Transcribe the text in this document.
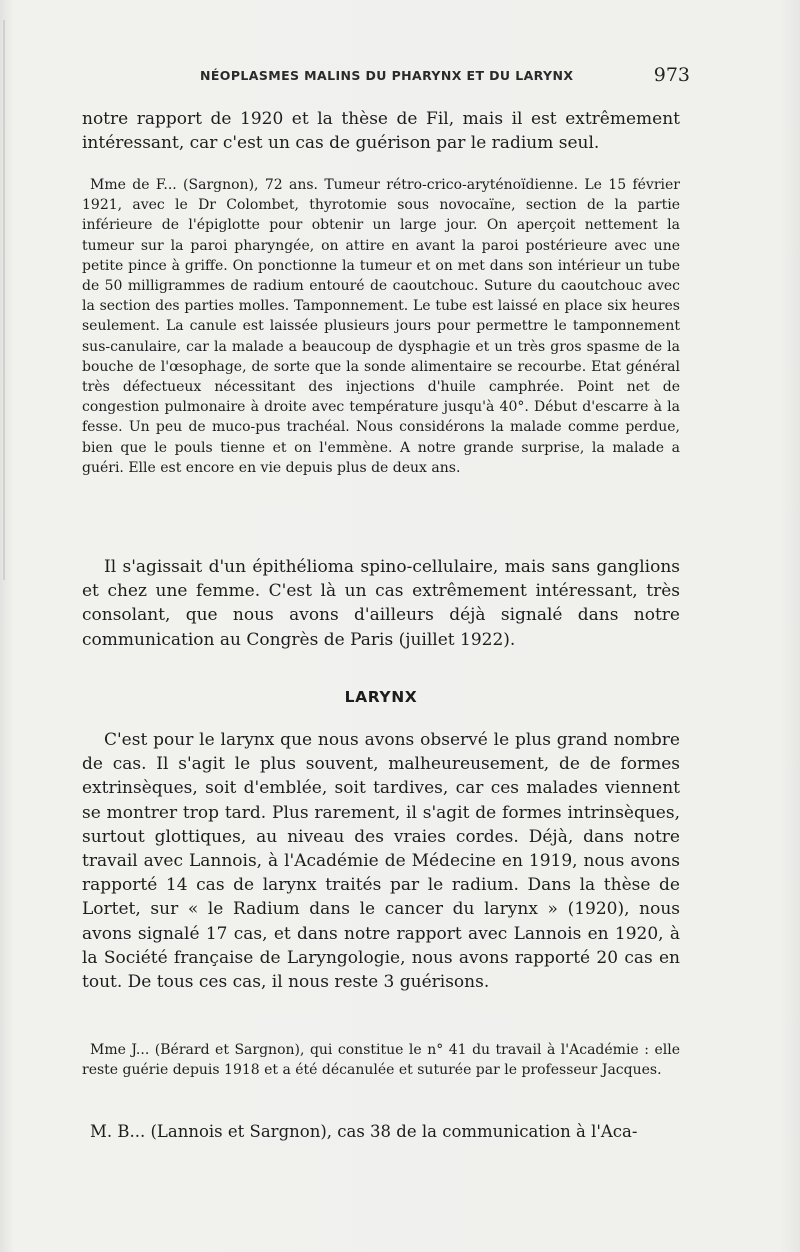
NÉOPLASMES MALINS DU PHARYNX ET DU LARYNX	973

notre rapport de 1920 et la thèse de Fil, mais il est extrêmement intéressant, car c'est un cas de guérison par le radium seul.

Mme de F... (Sargnon), 72 ans. Tumeur rétro-crico-aryténoïdienne. Le 15 février 1921, avec le Dr Colombet, thyrotomie sous novocaïne, section de la partie inférieure de l'épiglotte pour obtenir un large jour. On aperçoit nettement la tumeur sur la paroi pharyngée, on attire en avant la paroi postérieure avec une petite pince à griffe. On ponctionne la tumeur et on met dans son intérieur un tube de 50 milligrammes de radium entouré de caoutchouc. Suture du caoutchouc avec la section des parties molles. Tamponnement. Le tube est laissé en place six heures seulement. La canule est laissée plusieurs jours pour permettre le tamponnement sus-canulaire, car la malade a beaucoup de dysphagie et un très gros spasme de la bouche de l'œsophage, de sorte que la sonde alimentaire se recourbe. Etat général très défectueux nécessitant des injections d'huile camphrée. Point net de congestion pulmonaire à droite avec température jusqu'à 40°. Début d'escarre à la fesse. Un peu de muco-pus trachéal. Nous considérons la malade comme perdue, bien que le pouls tienne et on l'emmène. A notre grande surprise, la malade a guéri. Elle est encore en vie depuis plus de deux ans.

Il s'agissait d'un épithélioma spino-cellulaire, mais sans ganglions et chez une femme. C'est là un cas extrêmement intéressant, très consolant, que nous avons d'ailleurs déjà signalé dans notre communication au Congrès de Paris (juillet 1922).

LARYNX

C'est pour le larynx que nous avons observé le plus grand nombre de cas. Il s'agit le plus souvent, malheureusement, de de formes extrinsèques, soit d'emblée, soit tardives, car ces malades viennent se montrer trop tard. Plus rarement, il s'agit de formes intrinsèques, surtout glottiques, au niveau des vraies cordes. Déjà, dans notre travail avec Lannois, à l'Académie de Médecine en 1919, nous avons rapporté 14 cas de larynx traités par le radium. Dans la thèse de Lortet, sur « le Radium dans le cancer du larynx » (1920), nous avons signalé 17 cas, et dans notre rapport avec Lannois en 1920, à la Société française de Laryngologie, nous avons rapporté 20 cas en tout. De tous ces cas, il nous reste 3 guérisons.

Mme J... (Bérard et Sargnon), qui constitue le n° 41 du travail à l'Académie : elle reste guérie depuis 1918 et a été décanulée et suturée par le professeur Jacques.

M. B... (Lannois et Sargnon), cas 38 de la communication à l'Aca-
